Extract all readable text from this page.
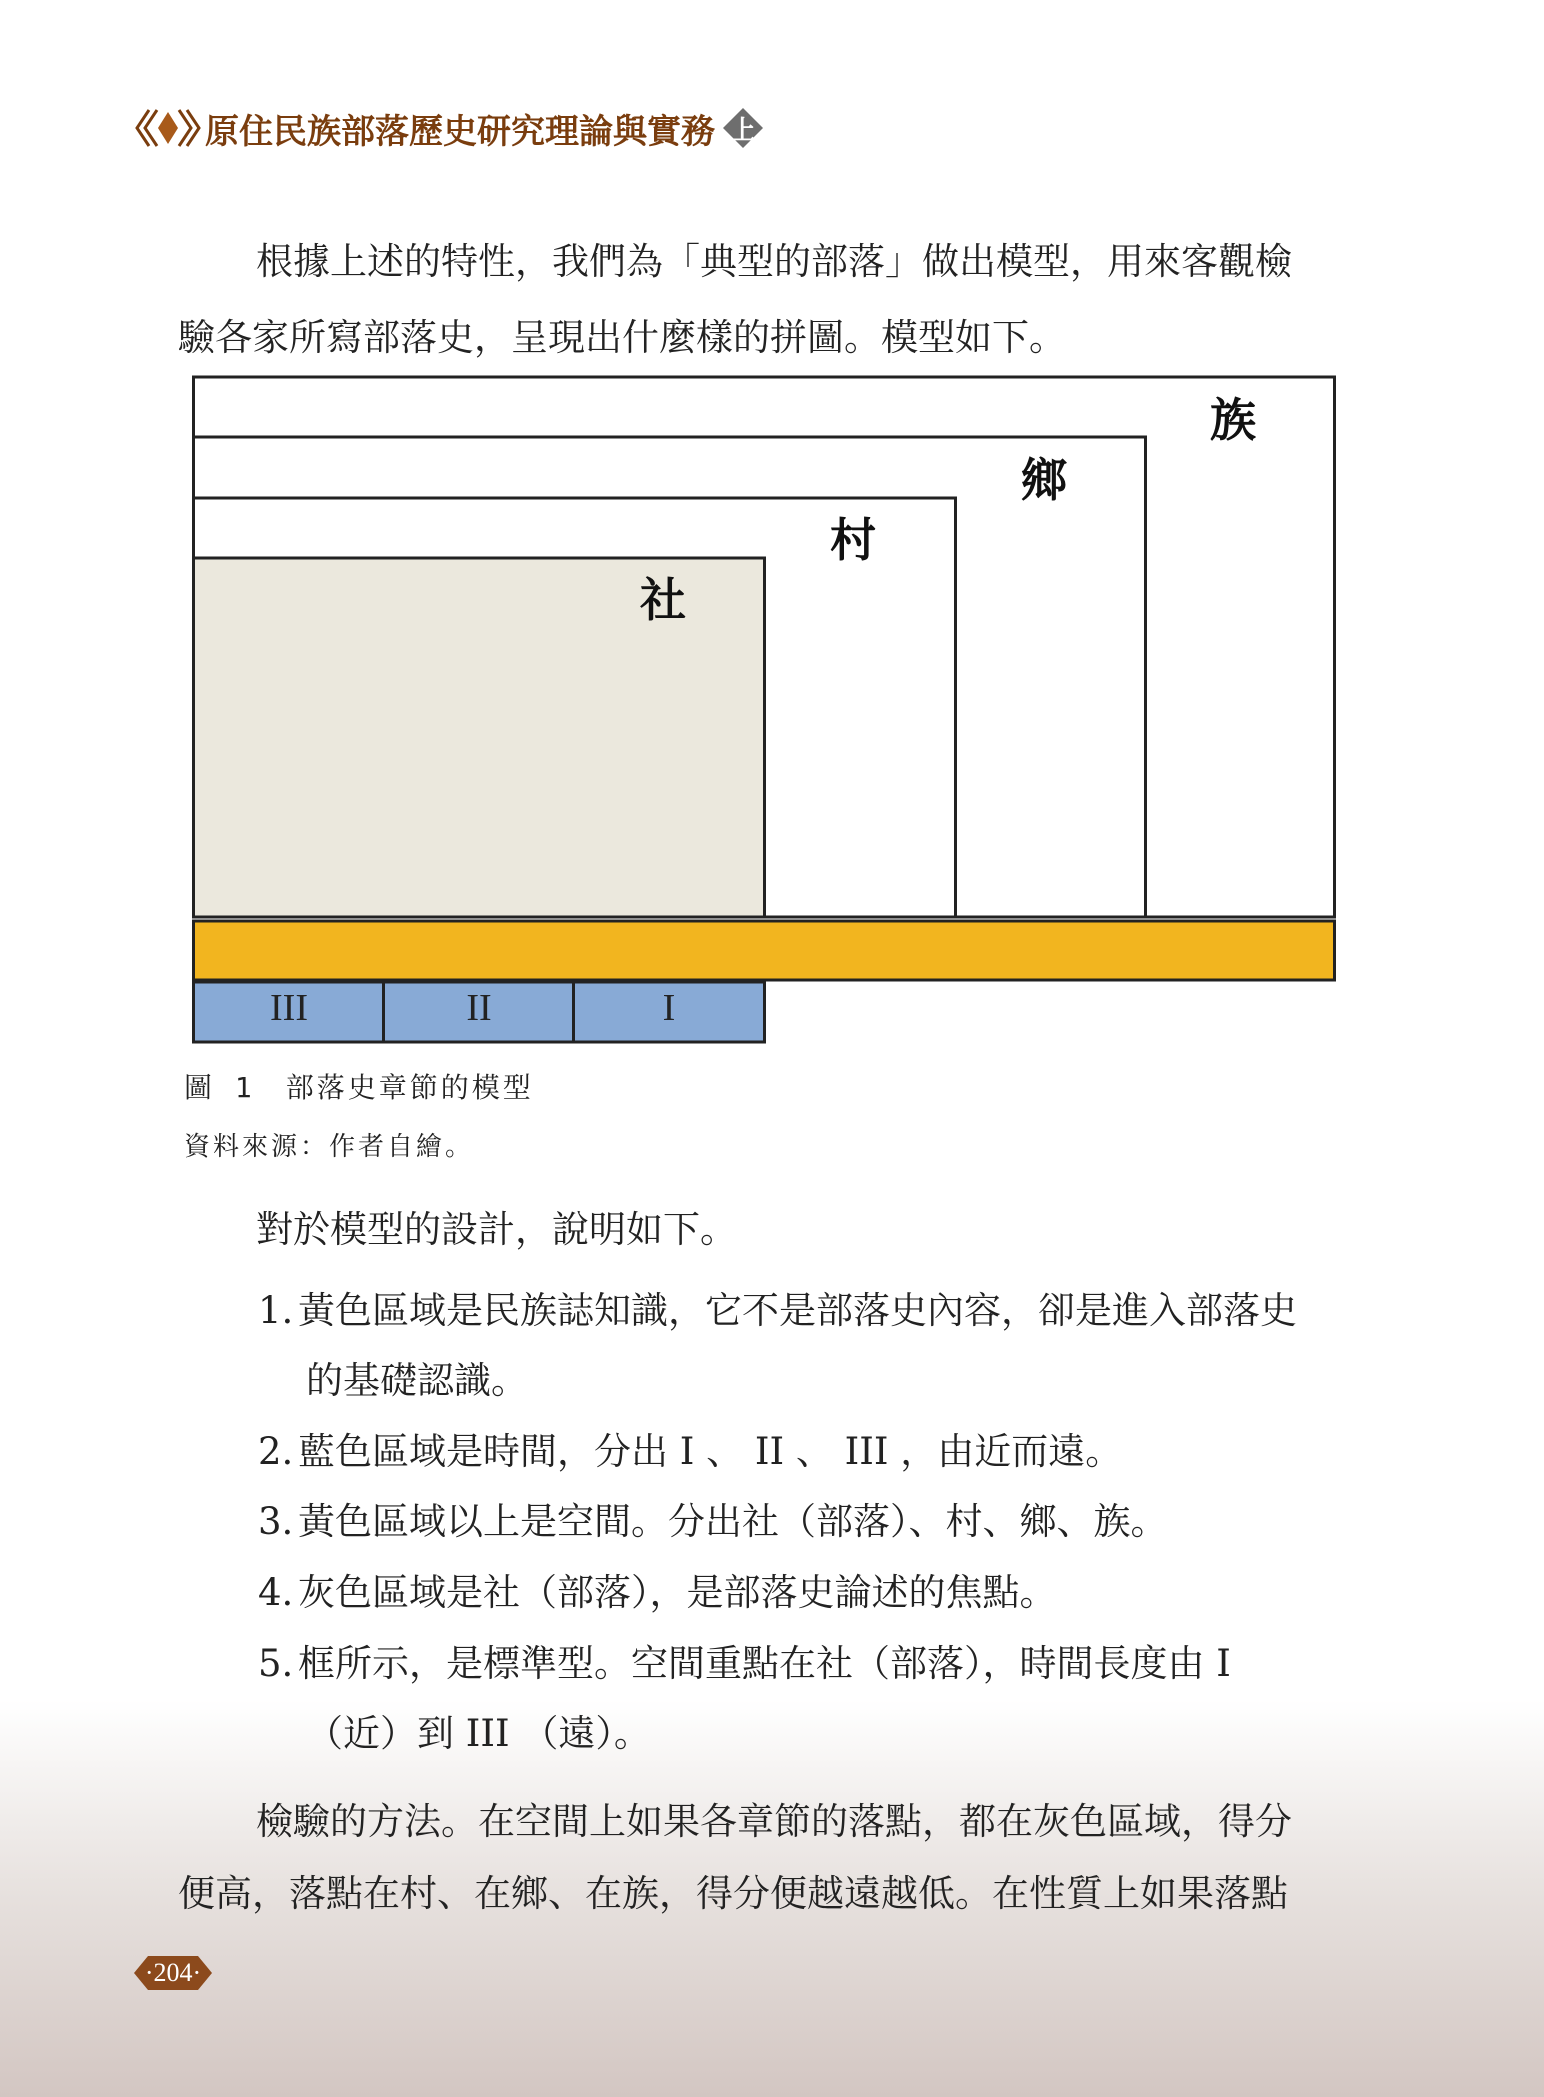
原住民族部落歷史研究理論與實務 上
根據上述的特性，我們為「典型的部落」做出模型，用來客觀檢
驗各家所寫部落史，呈現出什麼樣的拼圖。模型如下。
族
鄉
村
社
III	II	I
圖 1　部落史章節的模型
資料來源：作者自繪。
對於模型的設計，說明如下。
1. 黃色區域是民族誌知識，它不是部落史內容，卻是進入部落史
的基礎認識。
2. 藍色區域是時間，分出 I 、 II 、 III ，由近而遠。
3. 黃色區域以上是空間。分出社（部落）、村、鄉、族。
4. 灰色區域是社（部落），是部落史論述的焦點。
5. 框所示，是標準型。空間重點在社（部落），時間長度由 I
（近）到 III （遠）。
檢驗的方法。在空間上如果各章節的落點，都在灰色區域，得分
便高，落點在村、在鄉、在族，得分便越遠越低。在性質上如果落點
·204·
